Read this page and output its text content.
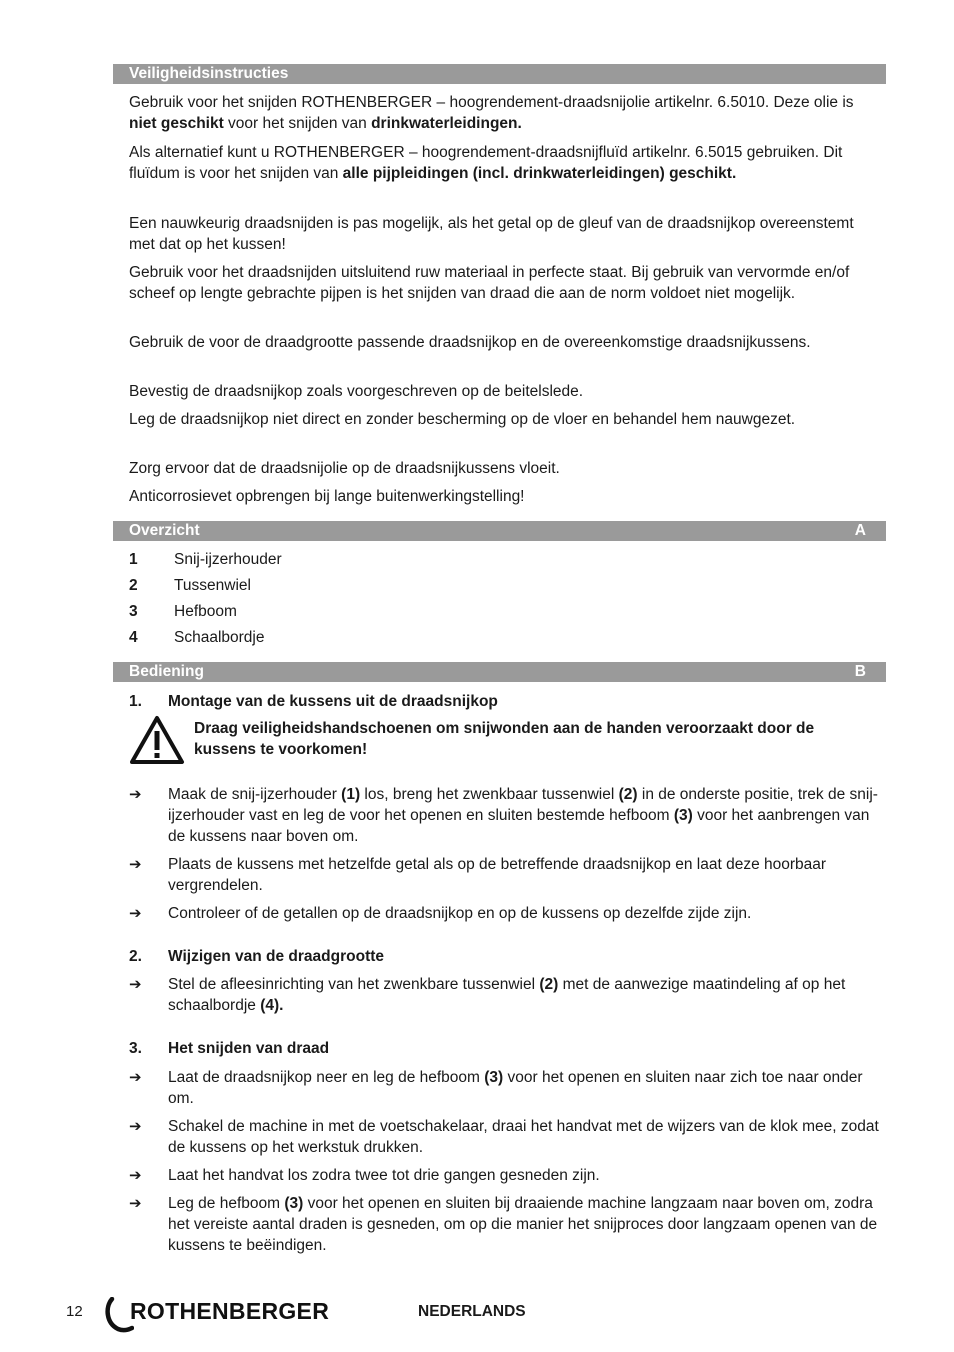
Veiligheidsinstructies

Gebruik voor het snijden ROTHENBERGER – hoogrendement-draadsnijolie artikelnr. 6.5010. Deze olie is niet geschikt voor het snijden van drinkwaterleidingen.

Als alternatief kunt u ROTHENBERGER – hoogrendement-draadsnijfluïd artikelnr. 6.5015 gebruiken. Dit fluïdum is voor het snijden van alle pijpleidingen (incl. drinkwaterleidingen) geschikt.

Een nauwkeurig draadsnijden is pas mogelijk, als het getal op de gleuf van de draadsnijkop overeenstemt met dat op het kussen!

Gebruik voor het draadsnijden uitsluitend ruw materiaal in perfecte staat. Bij gebruik van vervormde en/of scheef op lengte gebrachte pijpen is het snijden van draad die aan de norm voldoet niet mogelijk.

Gebruik de voor de draadgrootte passende draadsnijkop en de overeenkomstige draadsnijkussens.

Bevestig de draadsnijkop zoals voorgeschreven op de beitelslede.

Leg de draadsnijkop niet direct en zonder bescherming op de vloer en behandel hem nauwgezet.

Zorg ervoor dat de draadsnijolie op de draadsnijkussens vloeit.

Anticorrosievet opbrengen bij lange buitenwerkingstelling!

Overzicht	A
1 Snij-ijzerhouder
2 Tussenwiel
3 Hefboom
4 Schaalbordje
Bediening	B
1. Montage van de kussens uit de draadsnijkop
Draag veiligheidshandschoenen om snijwonden aan de handen veroorzaakt door de kussens te voorkomen!
➔	Maak de snij-ijzerhouder (1) los, breng het zwenkbaar tussenwiel (2) in de onderste positie, trek de snij-ijzerhouder vast en leg de voor het openen en sluiten bestemde hefboom (3) voor het aanbrengen van de kussens naar boven om.
➔	Plaats de kussens met hetzelfde getal als op de betreffende draadsnijkop en laat deze hoorbaar vergrendelen.
➔	Controleer of de getallen op de draadsnijkop en op de kussens op dezelfde zijde zijn.
2. Wijzigen van de draadgrootte
➔	Stel de afleesinrichting van het zwenkbare tussenwiel (2) met de aanwezige maatindeling af op het schaalbordje (4).
3. Het snijden van draad
➔	Laat de draadsnijkop neer en leg de hefboom (3) voor het openen en sluiten naar zich toe naar onder om.
➔	Schakel de machine in met de voetschakelaar, draai het handvat met de wijzers van de klok mee, zodat de kussens op het werkstuk drukken.
➔	Laat het handvat los zodra twee tot drie gangen gesneden zijn.
➔	Leg de hefboom (3) voor het openen en sluiten bij draaiende machine langzaam naar boven om, zodra het vereiste aantal draden is gesneden, om op die manier het snijproces door langzaam openen van de kussens te beëindigen.
12 ROTHENBERGER	NEDERLANDS
